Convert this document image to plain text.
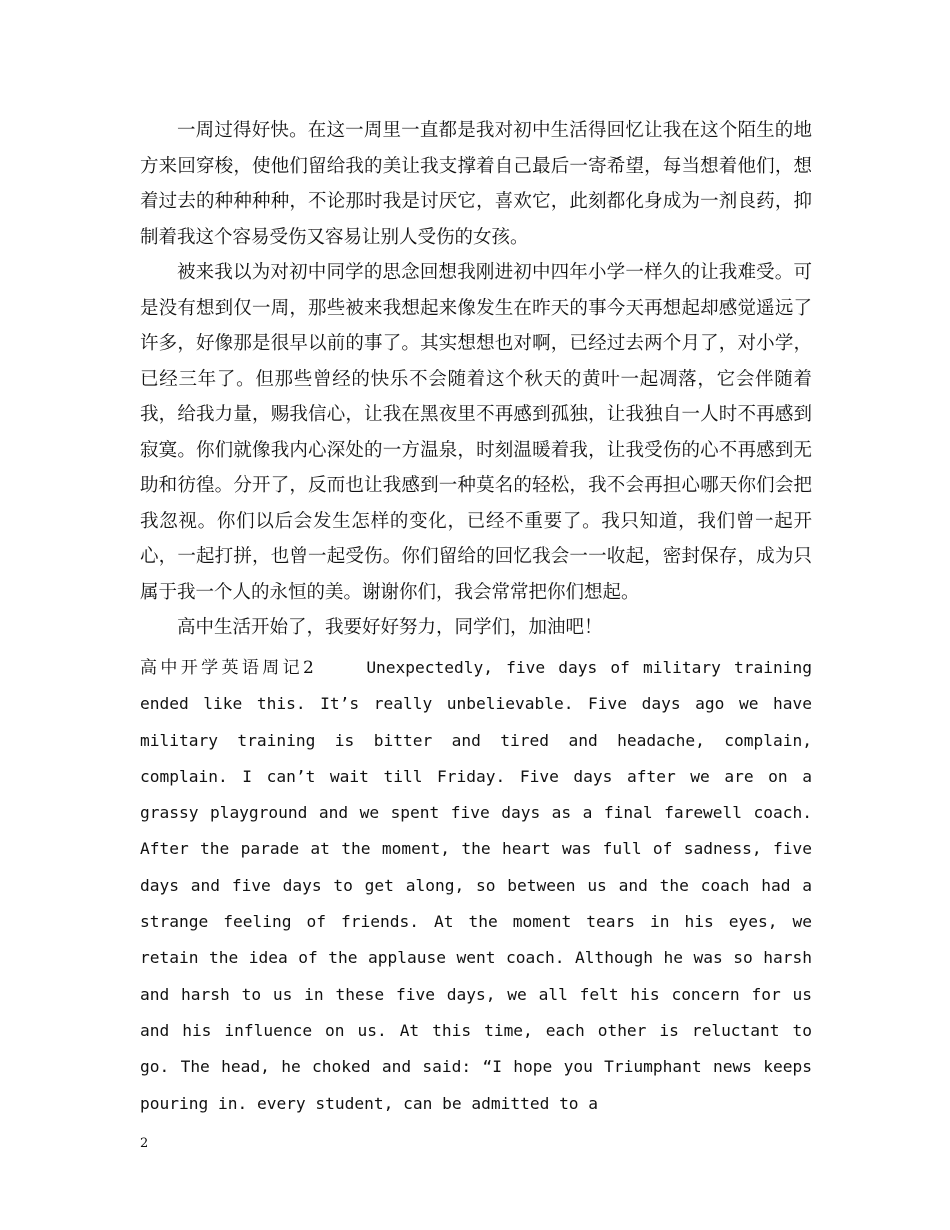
一周过得好快。在这一周里一直都是我对初中生活得回忆让我在这个陌生的地方来回穿梭，使他们留给我的美让我支撑着自己最后一寄希望，每当想着他们，想着过去的种种种种，不论那时我是讨厌它，喜欢它，此刻都化身成为一剂良药，抑制着我这个容易受伤又容易让别人受伤的女孩。

被来我以为对初中同学的思念回想我刚进初中四年小学一样久的让我难受。可是没有想到仅一周，那些被来我想起来像发生在昨天的事今天再想起却感觉遥远了许多，好像那是很早以前的事了。其实想想也对啊，已经过去两个月了，对小学，已经三年了。但那些曾经的快乐不会随着这个秋天的黄叶一起凋落，它会伴随着我，给我力量，赐我信心，让我在黑夜里不再感到孤独，让我独自一人时不再感到寂寞。你们就像我内心深处的一方温泉，时刻温暖着我，让我受伤的心不再感到无助和彷徨。分开了，反而也让我感到一种莫名的轻松，我不会再担心哪天你们会把我忽视。你们以后会发生怎样的变化，已经不重要了。我只知道，我们曾一起开心，一起打拼，也曾一起受伤。你们留给的回忆我会一一收起，密封保存，成为只属于我一个人的永恒的美。谢谢你们，我会常常把你们想起。

高中生活开始了，我要好好努力，同学们，加油吧！

高中开学英语周记2	Unexpectedly, five days of military training ended like this. It’s really unbelievable. Five days ago we have military training is bitter and tired and headache, complain, complain. I can’t wait till Friday. Five days after we are on a grassy playground and we spent five days as a final farewell coach. After the parade at the moment, the heart was full of sadness, five days and five days to get along, so between us and the coach had a strange feeling of friends. At the moment tears in his eyes, we retain the idea of the applause went coach. Although he was so harsh and harsh to us in these five days, we all felt his concern for us and his influence on us. At this time, each other is reluctant to go. The head, he choked and said: “I hope you Triumphant news keeps pouring in. every student, can be admitted to a
2
